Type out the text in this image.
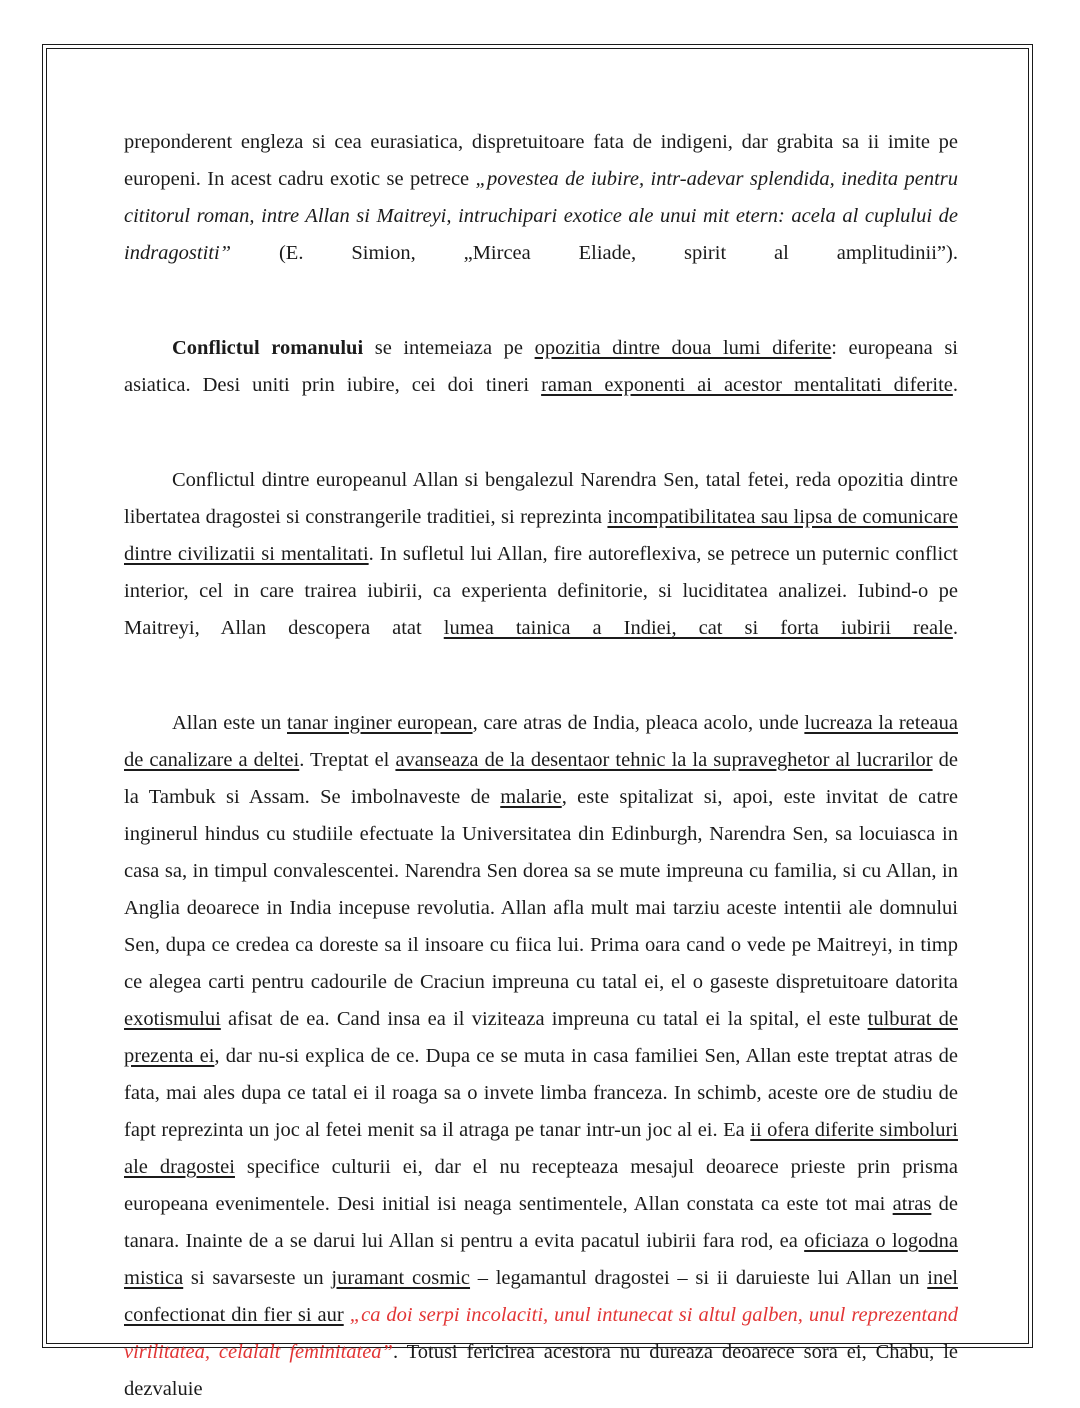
preponderent engleza si cea eurasiatica, dispretuitoare fata de indigeni, dar grabita sa ii imite pe europeni. In acest cadru exotic se petrece „povestea de iubire, intr-adevar splendida, inedita pentru cititorul roman, intre Allan si Maitreyi, intruchipari exotice ale unui mit etern: acela al cuplului de indragostiti” (E. Simion, „Mircea Eliade, spirit al amplitudinii”).

Conflictul romanului se intemeiaza pe opozitia dintre doua lumi diferite: europeana si asiatica. Desi uniti prin iubire, cei doi tineri raman exponenti ai acestor mentalitati diferite.

Conflictul dintre europeanul Allan si bengalezul Narendra Sen, tatal fetei, reda opozitia dintre libertatea dragostei si constrangerile traditiei, si reprezinta incompatibilitatea sau lipsa de comunicare dintre civilizatii si mentalitati. In sufletul lui Allan, fire autoreflexiva, se petrece un puternic conflict interior, cel in care trairea iubirii, ca experienta definitorie, si luciditatea analizei. Iubind-o pe Maitreyi, Allan descopera atat lumea tainica a Indiei, cat si forta iubirii reale.

Allan este un tanar inginer european, care atras de India, pleaca acolo, unde lucreaza la reteaua de canalizare a deltei. Treptat el avanseaza de la desentaor tehnic la la supraveghetor al lucrarilor de la Tambuk si Assam. Se imbolnaveste de malarie, este spitalizat si, apoi, este invitat de catre inginerul hindus cu studiile efectuate la Universitatea din Edinburgh, Narendra Sen, sa locuiasca in casa sa, in timpul convalescentei. Narendra Sen dorea sa se mute impreuna cu familia, si cu Allan, in Anglia deoarece in India incepuse revolutia. Allan afla mult mai tarziu aceste intentii ale domnului Sen, dupa ce credea ca doreste sa il insoare cu fiica lui. Prima oara cand o vede pe Maitreyi, in timp ce alegea carti pentru cadourile de Craciun impreuna cu tatal ei, el o gaseste dispretuitoare datorita exotismului afisat de ea. Cand insa ea il viziteaza impreuna cu tatal ei la spital, el este tulburat de prezenta ei, dar nu-si explica de ce. Dupa ce se muta in casa familiei Sen, Allan este treptat atras de fata, mai ales dupa ce tatal ei il roaga sa o invete limba franceza. In schimb, aceste ore de studiu de fapt reprezinta un joc al fetei menit sa il atraga pe tanar intr-un joc al ei. Ea ii ofera diferite simboluri ale dragostei specifice culturii ei, dar el nu recepteaza mesajul deoarece prieste prin prisma europeana evenimentele. Desi initial isi neaga sentimentele, Allan constata ca este tot mai atras de tanara. Inainte de a se darui lui Allan si pentru a evita pacatul iubirii fara rod, ea oficiaza o logodna mistica si savarseste un juramant cosmic – legamantul dragostei – si ii daruieste lui Allan un inel confectionat din fier si aur „ca doi serpi incolaciti, unul intunecat si altul galben, unul reprezentand virilitatea, celalalt feminitatea”. Totusi fericirea acestora nu dureaza deoarece sora ei, Chabu, le dezvaluie
